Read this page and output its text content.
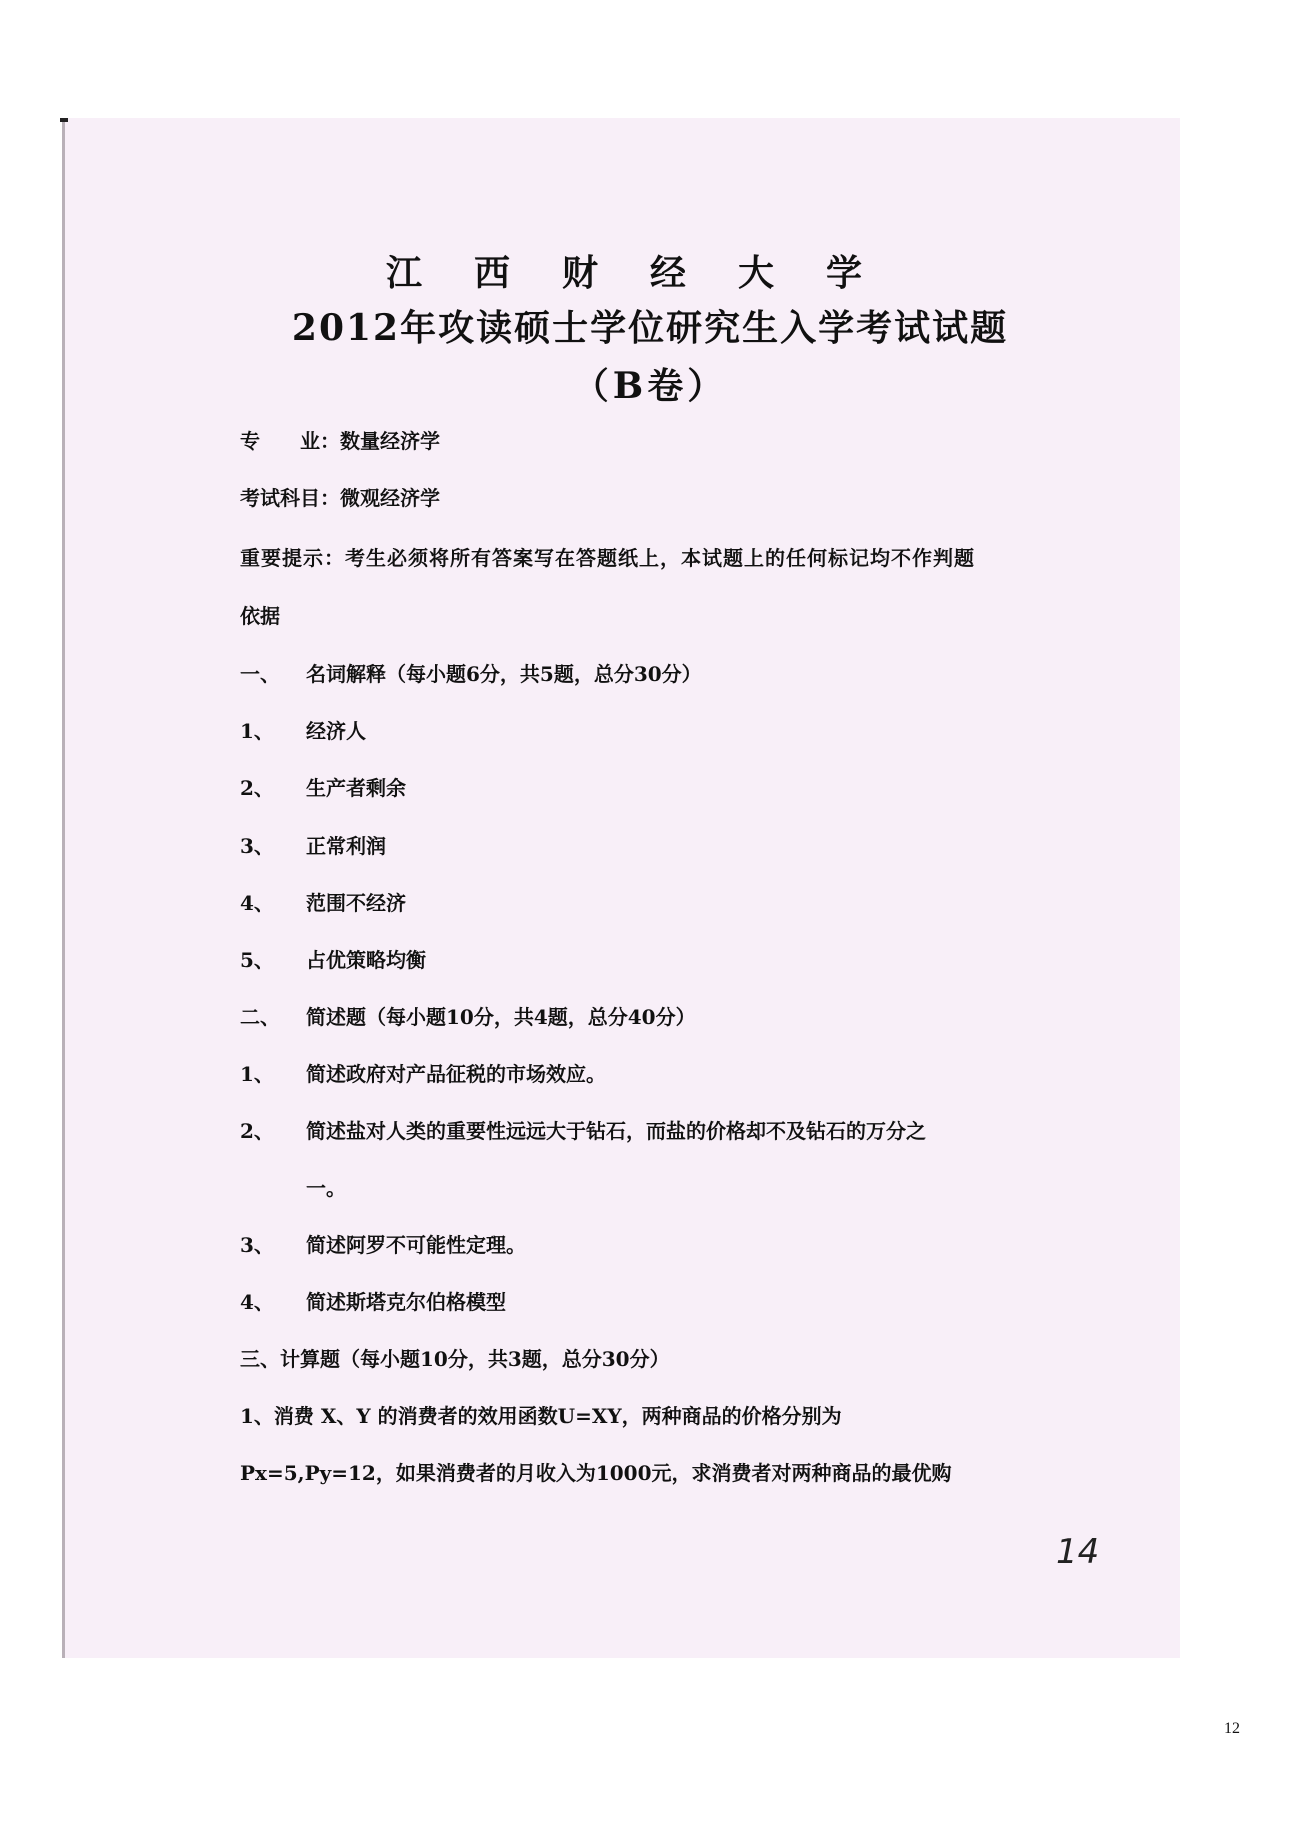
江西财经大学
2012年攻读硕士学位研究生入学考试试题
（B卷）
专　　业：数量经济学
考试科目：微观经济学
重要提示：考生必须将所有答案写在答题纸上，本试题上的任何标记均不作判题
依据
一、 名词解释（每小题6分，共5题，总分30分）
1、 经济人
2、 生产者剩余
3、 正常利润
4、 范围不经济
5、 占优策略均衡
二、 简述题（每小题10分，共4题，总分40分）
1、 简述政府对产品征税的市场效应。
2、 简述盐对人类的重要性远远大于钻石，而盐的价格却不及钻石的万分之
一。
3、 简述阿罗不可能性定理。
4、 简述斯塔克尔伯格模型
三、计算题（每小题10分，共3题，总分30分）
1、消费 X、Y 的消费者的效用函数U=XY，两种商品的价格分别为
Px=5,Py=12，如果消费者的月收入为1000元，求消费者对两种商品的最优购
14
12
